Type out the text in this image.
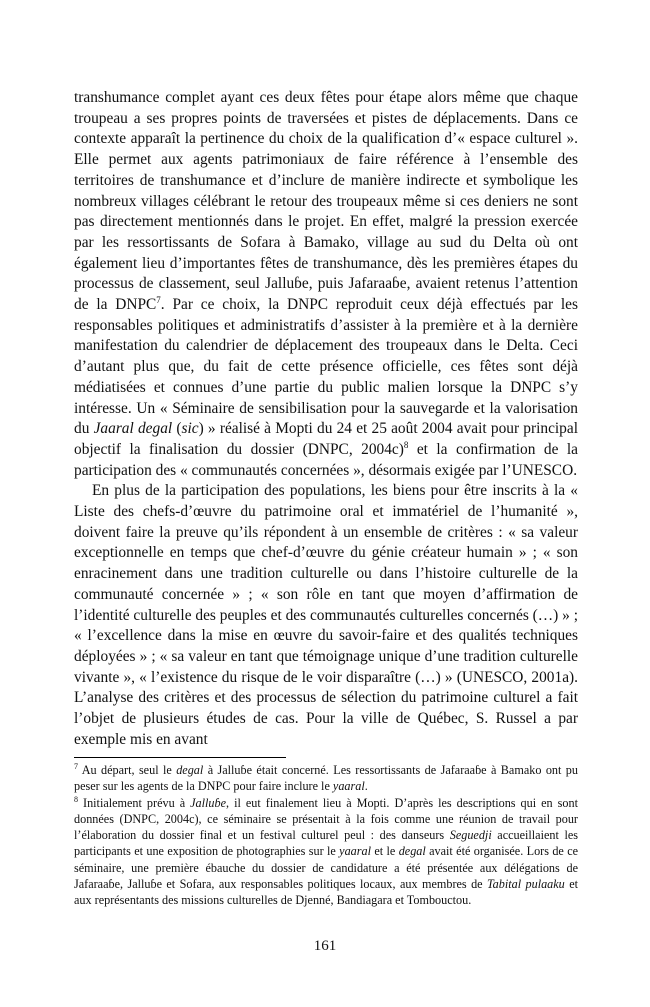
transhumance complet ayant ces deux fêtes pour étape alors même que chaque troupeau a ses propres points de traversées et pistes de déplacements. Dans ce contexte apparaît la pertinence du choix de la qualification d’« espace culturel ». Elle permet aux agents patrimoniaux de faire référence à l’ensemble des territoires de transhumance et d’inclure de manière indirecte et symbolique les nombreux villages célébrant le retour des troupeaux même si ces deniers ne sont pas directement mentionnés dans le projet. En effet, malgré la pression exercée par les ressortissants de Sofara à Bamako, village au sud du Delta où ont également lieu d’importantes fêtes de transhumance, dès les premières étapes du processus de classement, seul Jalluɓe, puis Jafaraaɓe, avaient retenus l’attention de la DNPC$^7$. Par ce choix, la DNPC reproduit ceux déjà effectués par les responsables politiques et administratifs d’assister à la première et à la dernière manifestation du calendrier de déplacement des troupeaux dans le Delta. Ceci d’autant plus que, du fait de cette présence officielle, ces fêtes sont déjà médiatisées et connues d’une partie du public malien lorsque la DNPC s’y intéresse. Un « Séminaire de sensibilisation pour la sauvegarde et la valorisation du Jaaral degal (sic) » réalisé à Mopti du 24 et 25 août 2004 avait pour principal objectif la finalisation du dossier (DNPC, 2004c)$^8$ et la confirmation de la participation des « communautés concernées », désormais exigée par l’UNESCO.

En plus de la participation des populations, les biens pour être inscrits à la « Liste des chefs-d’œuvre du patrimoine oral et immatériel de l’humanité », doivent faire la preuve qu’ils répondent à un ensemble de critères : « sa valeur exceptionnelle en temps que chef-d’œuvre du génie créateur humain » ; « son enracinement dans une tradition culturelle ou dans l’histoire culturelle de la communauté concernée » ; « son rôle en tant que moyen d’affirmation de l’identité culturelle des peuples et des communautés culturelles concernés (…) » ; « l’excellence dans la mise en œuvre du savoir-faire et des qualités techniques déployées » ; « sa valeur en tant que témoignage unique d’une tradition culturelle vivante », « l’existence du risque de le voir disparaître (…) » (UNESCO, 2001a). L’analyse des critères et des processus de sélection du patrimoine culturel a fait l’objet de plusieurs études de cas. Pour la ville de Québec, S. Russel a par exemple mis en avant

$^7$ Au départ, seul le degal à Jalluɓe était concerné. Les ressortissants de Jafaraaɓe à Bamako ont pu peser sur les agents de la DNPC pour faire inclure le yaaral.

$^8$ Initialement prévu à Jalluɓe, il eut finalement lieu à Mopti. D’après les descriptions qui en sont données (DNPC, 2004c), ce séminaire se présentait à la fois comme une réunion de travail pour l’élaboration du dossier final et un festival culturel peul : des danseurs Seguedji accueillaient les participants et une exposition de photographies sur le yaaral et le degal avait été organisée. Lors de ce séminaire, une première ébauche du dossier de candidature a été présentée aux délégations de Jafaraaɓe, Jalluɓe et Sofara, aux responsables politiques locaux, aux membres de Tabital pulaaku et aux représentants des missions culturelles de Djenné, Bandiagara et Tombouctou.

161
